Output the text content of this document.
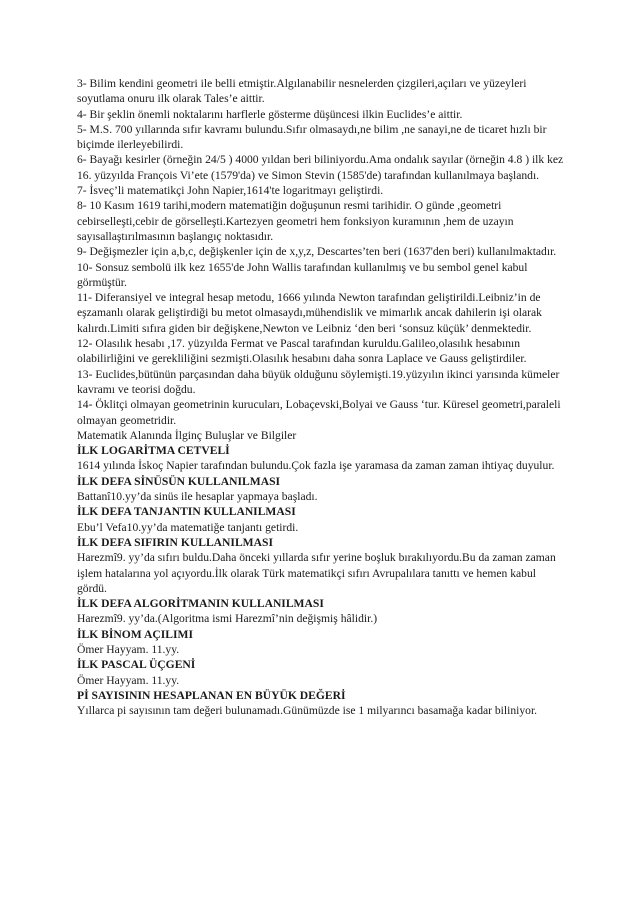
3- Bilim kendini geometri ile belli etmiştir.Algılanabilir nesnelerden çizgileri,açıları ve yüzeyleri soyutlama onuru ilk olarak Tales’e aittir.
4- Bir şeklin önemli noktalarını harflerle gösterme düşüncesi ilkin Euclides’e aittir.
5- M.S. 700 yıllarında sıfır kavramı bulundu.Sıfır olmasaydı,ne bilim ,ne sanayi,ne de ticaret hızlı bir biçimde ilerleyebilirdi.
6- Bayağı kesirler (örneğin 24/5 ) 4000 yıldan beri biliniyordu.Ama ondalık sayılar (örneğin 4.8 ) ilk kez 16. yüzyılda François Vi’ete (1579'da) ve Simon Stevin (1585'de) tarafından kullanılmaya başlandı.
7- İsveç’li matematikçi John Napier,1614'te logaritmayı geliştirdi.
8- 10 Kasım 1619 tarihi,modern matematiğin doğuşunun resmi tarihidir. O günde ,geometri cebirselleşti,cebir de görselleşti.Kartezyen geometri hem fonksiyon kuramının ,hem de uzayın sayısallaştırılmasının başlangıç noktasıdır.
9- Değişmezler için a,b,c, değişkenler için de x,y,z, Descartes’ten beri (1637'den beri) kullanılmaktadır.
10- Sonsuz sembolü ilk kez 1655'de John Wallis tarafından kullanılmış ve bu sembol genel kabul görmüştür.
11- Diferansiyel ve integral hesap metodu, 1666 yılında Newton tarafından geliştirildi.Leibniz’in de eşzamanlı olarak geliştirdiği bu metot olmasaydı,mühendislik ve mimarlık ancak dahilerin işi olarak kalırdı.Limiti sıfıra giden bir değişkene,Newton ve Leibniz ‘den beri ‘sonsuz küçük’ denmektedir.
12- Olasılık hesabı ,17. yüzyılda Fermat ve Pascal tarafından kuruldu.Galileo,olasılık hesabının olabilirliğini ve gerekliliğini sezmişti.Olasılık hesabını daha sonra Laplace ve Gauss geliştirdiler.
13- Euclides,bütünün parçasından daha büyük olduğunu söylemişti.19.yüzyılın ikinci yarısında kümeler kavramı ve teorisi doğdu.
14- Öklitçi olmayan geometrinin kurucuları, Lobaçevski,Bolyai ve Gauss ‘tur. Küresel geometri,paraleli olmayan geometridir.
Matematik Alanında İlginç Buluşlar ve Bilgiler
İLK LOGARİTMA CETVELİ
1614 yılında İskoç Napier tarafından bulundu.Çok fazla işe yaramasa da zaman zaman ihtiyaç duyulur.
İLK DEFA SİNÜSÜN KULLANILMASI
Battanî10.yy’da sinüs ile hesaplar yapmaya başladı.
İLK DEFA TANJANTIN KULLANILMASI
Ebu’l Vefa10.yy’da matematiğe tanjantı getirdi.
İLK DEFA SIFIRIN KULLANILMASI
Harezmî9. yy’da sıfırı buldu.Daha önceki yıllarda sıfır yerine boşluk bırakılıyordu.Bu da zaman zaman işlem hatalarına yol açıyordu.İlk olarak Türk matematikçi sıfırı Avrupalılara tanıttı ve hemen kabul gördü.
İLK DEFA ALGORİTMANIN KULLANILMASI
Harezmî9. yy’da.(Algoritma ismi Harezmî’nin değişmiş hâlidir.)
İLK BİNOM AÇILIMI
Ömer Hayyam. 11.yy.
İLK PASCAL ÜÇGENİ
Ömer Hayyam. 11.yy.
Pİ SAYISININ HESAPLANAN EN BÜYÜK DEĞERİ
Yıllarca pi sayısının tam değeri bulunamadı.Günümüzde ise 1 milyarıncı basamağa kadar biliniyor.
